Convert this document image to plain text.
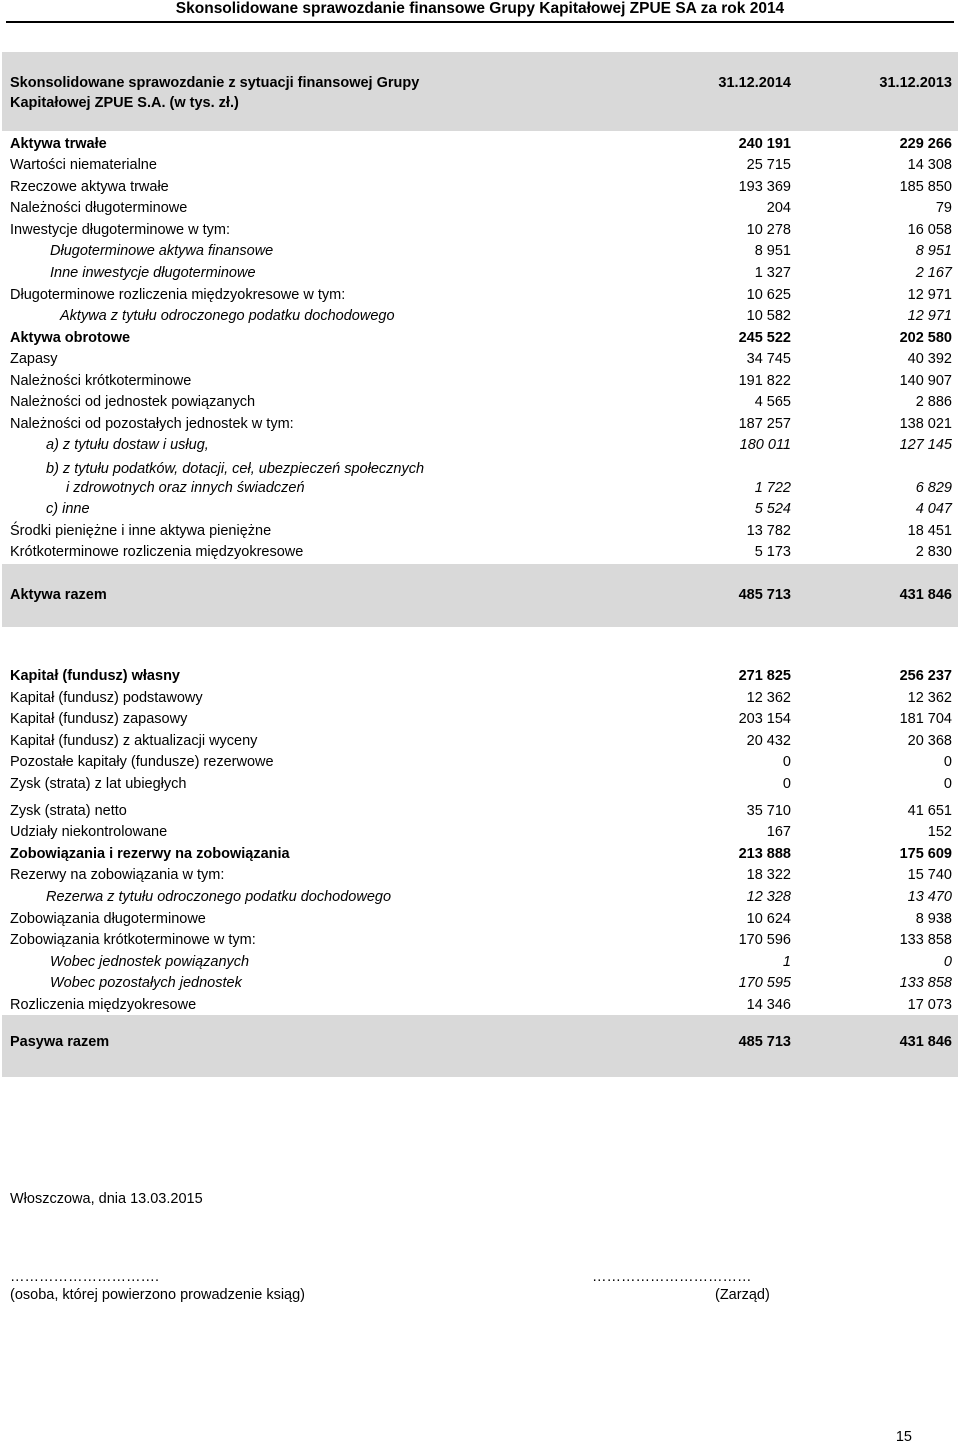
Skonsolidowane sprawozdanie finansowe Grupy Kapitałowej ZPUE SA za rok 2014
Skonsolidowane sprawozdanie z sytuacji finansowej Grupy
Kapitałowej ZPUE S.A. (w tys. zł.)
31.12.2014	31.12.2013
Aktywa trwałe	240 191	229 266
Wartości niematerialne	25 715	14 308
Rzeczowe aktywa trwałe	193 369	185 850
Należności długoterminowe	204	79
Inwestycje długoterminowe w tym:	10 278	16 058
Długoterminowe aktywa finansowe	8 951	8 951
Inne inwestycje długoterminowe	1 327	2 167
Długoterminowe rozliczenia międzyokresowe w tym:	10 625	12 971
Aktywa z tytułu odroczonego podatku dochodowego	10 582	12 971
Aktywa obrotowe	245 522	202 580
Zapasy	34 745	40 392
Należności krótkoterminowe	191 822	140 907
Należności od jednostek powiązanych	4 565	2 886
Należności od pozostałych jednostek w tym:	187 257	138 021
a) z tytułu dostaw i usług,	180 011	127 145
b) z tytułu podatków, dotacji, ceł, ubezpieczeń społecznych
i zdrowotnych oraz innych świadczeń	1 722	6 829
c) inne	5 524	4 047
Środki pieniężne i inne aktywa pieniężne	13 782	18 451
Krótkoterminowe rozliczenia międzyokresowe	5 173	2 830
Aktywa razem	485 713	431 846
Kapitał (fundusz) własny	271 825	256 237
Kapitał (fundusz) podstawowy	12 362	12 362
Kapitał (fundusz) zapasowy	203 154	181 704
Kapitał (fundusz) z aktualizacji wyceny	20 432	20 368
Pozostałe kapitały (fundusze) rezerwowe	0	0
Zysk (strata) z lat ubiegłych	0	0
Zysk (strata) netto	35 710	41 651
Udziały niekontrolowane	167	152
Zobowiązania i rezerwy na zobowiązania	213 888	175 609
Rezerwy na zobowiązania w tym:	18 322	15 740
Rezerwa z tytułu odroczonego podatku dochodowego	12 328	13 470
Zobowiązania długoterminowe	10 624	8 938
Zobowiązania krótkoterminowe w tym:	170 596	133 858
Wobec jednostek powiązanych	1	0
Wobec pozostałych jednostek	170 595	133 858
Rozliczenia międzyokresowe	14 346	17 073
Pasywa razem	485 713	431 846
Włoszczowa, dnia 13.03.2015
………………………….	……………………………
(osoba, której powierzono prowadzenie ksiąg)	(Zarząd)
15
